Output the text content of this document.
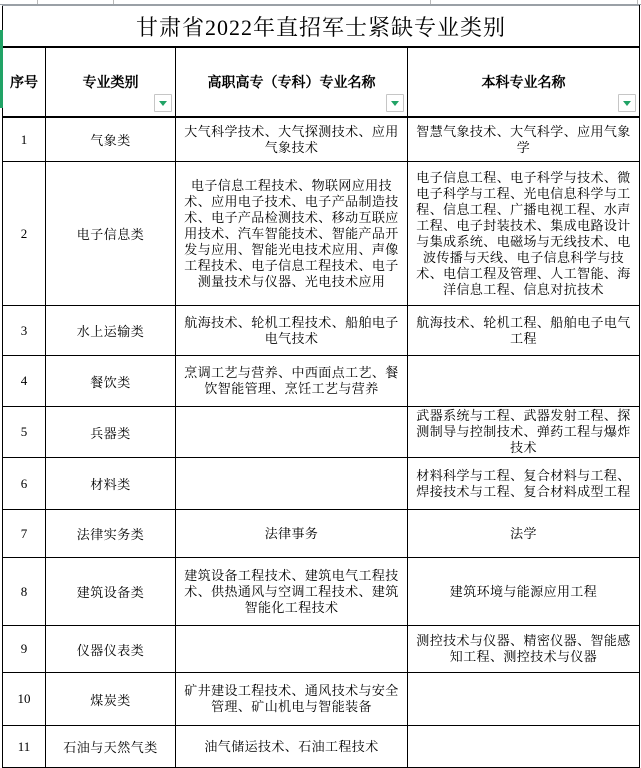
甘肃省2022年直招军士紧缺专业类别			
序号	专业类别	高职高专（专科）专业名称	本科专业名称

1	气象类	大气科学技术、大气探测技术、应用气象技术	智慧气象技术、大气科学、应用气象学
2	电子信息类	电子信息工程技术、物联网应用技术、应用电子技术、电子产品制造技术、电子产品检测技术、移动互联应用技术、汽车智能技术、智能产品开发与应用、智能光电技术应用、声像工程技术、电子信息工程技术、电子测量技术与仪器、光电技术应用	电子信息工程、电子科学与技术、微电子科学与工程、光电信息科学与工程、信息工程、广播电视工程、水声工程、电子封装技术、集成电路设计与集成系统、电磁场与无线技术、电波传播与天线、电子信息科学与技术、电信工程及管理、人工智能、海洋信息工程、信息对抗技术
3	水上运输类	航海技术、轮机工程技术、船舶电子电气技术	航海技术、轮机工程、船舶电子电气工程
4	餐饮类	烹调工艺与营养、中西面点工艺、餐饮智能管理、烹饪工艺与营养	
5	兵器类		武器系统与工程、武器发射工程、探测制导与控制技术、弹药工程与爆炸技术
6	材料类		材料科学与工程、复合材料与工程、焊接技术与工程、复合材料成型工程
7	法律实务类	法律事务	法学
8	建筑设备类	建筑设备工程技术、建筑电气工程技术、供热通风与空调工程技术、建筑智能化工程技术	建筑环境与能源应用工程
9	仪器仪表类		测控技术与仪器、精密仪器、智能感知工程、测控技术与仪器
10	煤炭类	矿井建设工程技术、通风技术与安全管理、矿山机电与智能装备	
11	石油与天然气类	油气储运技术、石油工程技术	
